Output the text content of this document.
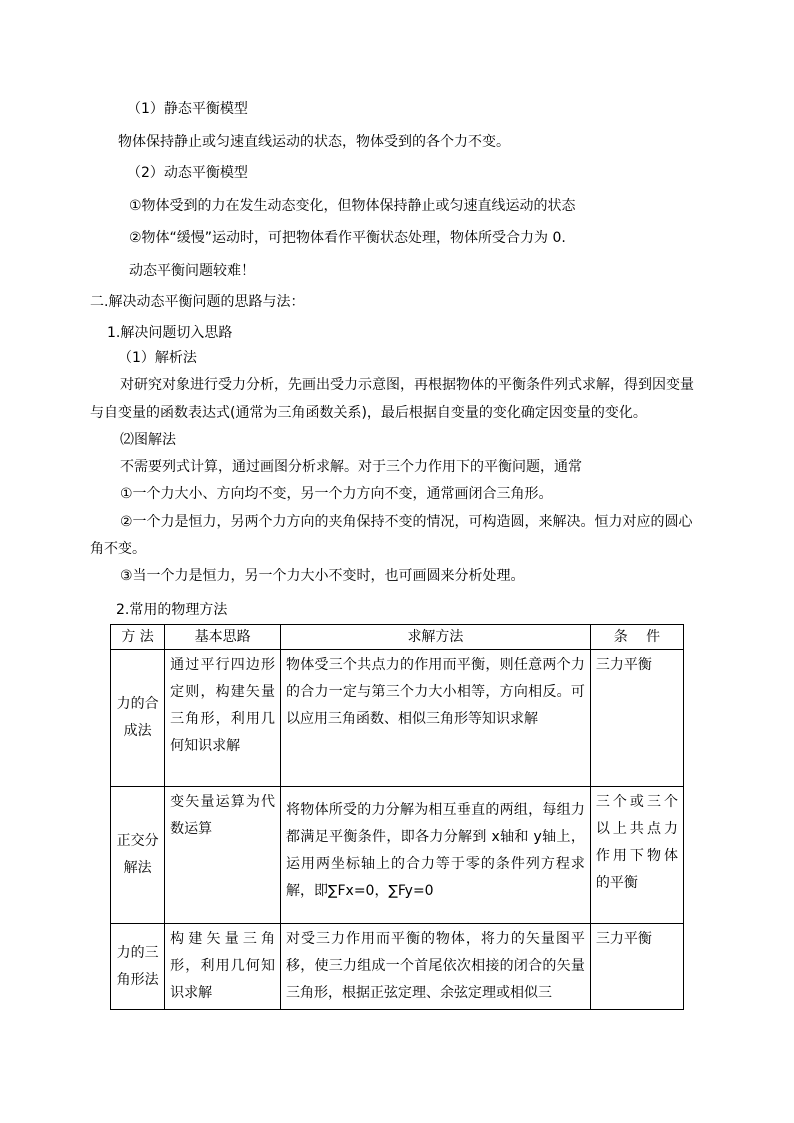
（1）静态平衡模型
物体保持静止或匀速直线运动的状态，物体受到的各个力不变。
（2）动态平衡模型
①物体受到的力在发生动态变化，但物体保持静止或匀速直线运动的状态
②物体“缓慢”运动时，可把物体看作平衡状态处理，物体所受合力为 0.
动态平衡问题较难！
二.解决动态平衡问题的思路与法：
1.解决问题切入思路
（1）解析法
对研究对象进行受力分析，先画出受力示意图，再根据物体的平衡条件列式求解，得到因变量
与自变量的函数表达式(通常为三角函数关系)，最后根据自变量的变化确定因变量的变化。
⑵图解法
不需要列式计算，通过画图分析求解。对于三个力作用下的平衡问题，通常
①一个力大小、方向均不变，另一个力方向不变，通常画闭合三角形。
②一个力是恒力，另两个力方向的夹角保持不变的情况，可构造圆，来解决。恒力对应的圆心
角不变。
③当一个力是恒力，另一个力大小不变时，也可画圆来分析处理。
2.常用的物理方法
方 法	基本思路	求解方法	条　 件
力的合成法	通过平行四边形定则，构建矢量三角形，利用几何知识求解	物体受三个共点力的作用而平衡，则任意两个力的合力一定与第三个力大小相等，方向相反。可以应用三角函数、相似三角形等知识求解	三力平衡
正交分解法	变矢量运算为代数运算	将物体所受的力分解为相互垂直的两组，每组力都满足平衡条件，即各力分解到 x轴和 y轴上，运用两坐标轴上的合力等于零的条件列方程求解，即∑Fx=0，∑Fy=0	三个或三个以上共点力作用下物体的平衡
力的三角形法	构建矢量三角形，利用几何知识求解	对受三力作用而平衡的物体，将力的矢量图平移，使三力组成一个首尾依次相接的闭合的矢量三角形，根据正弦定理、余弦定理或相似三	三力平衡
